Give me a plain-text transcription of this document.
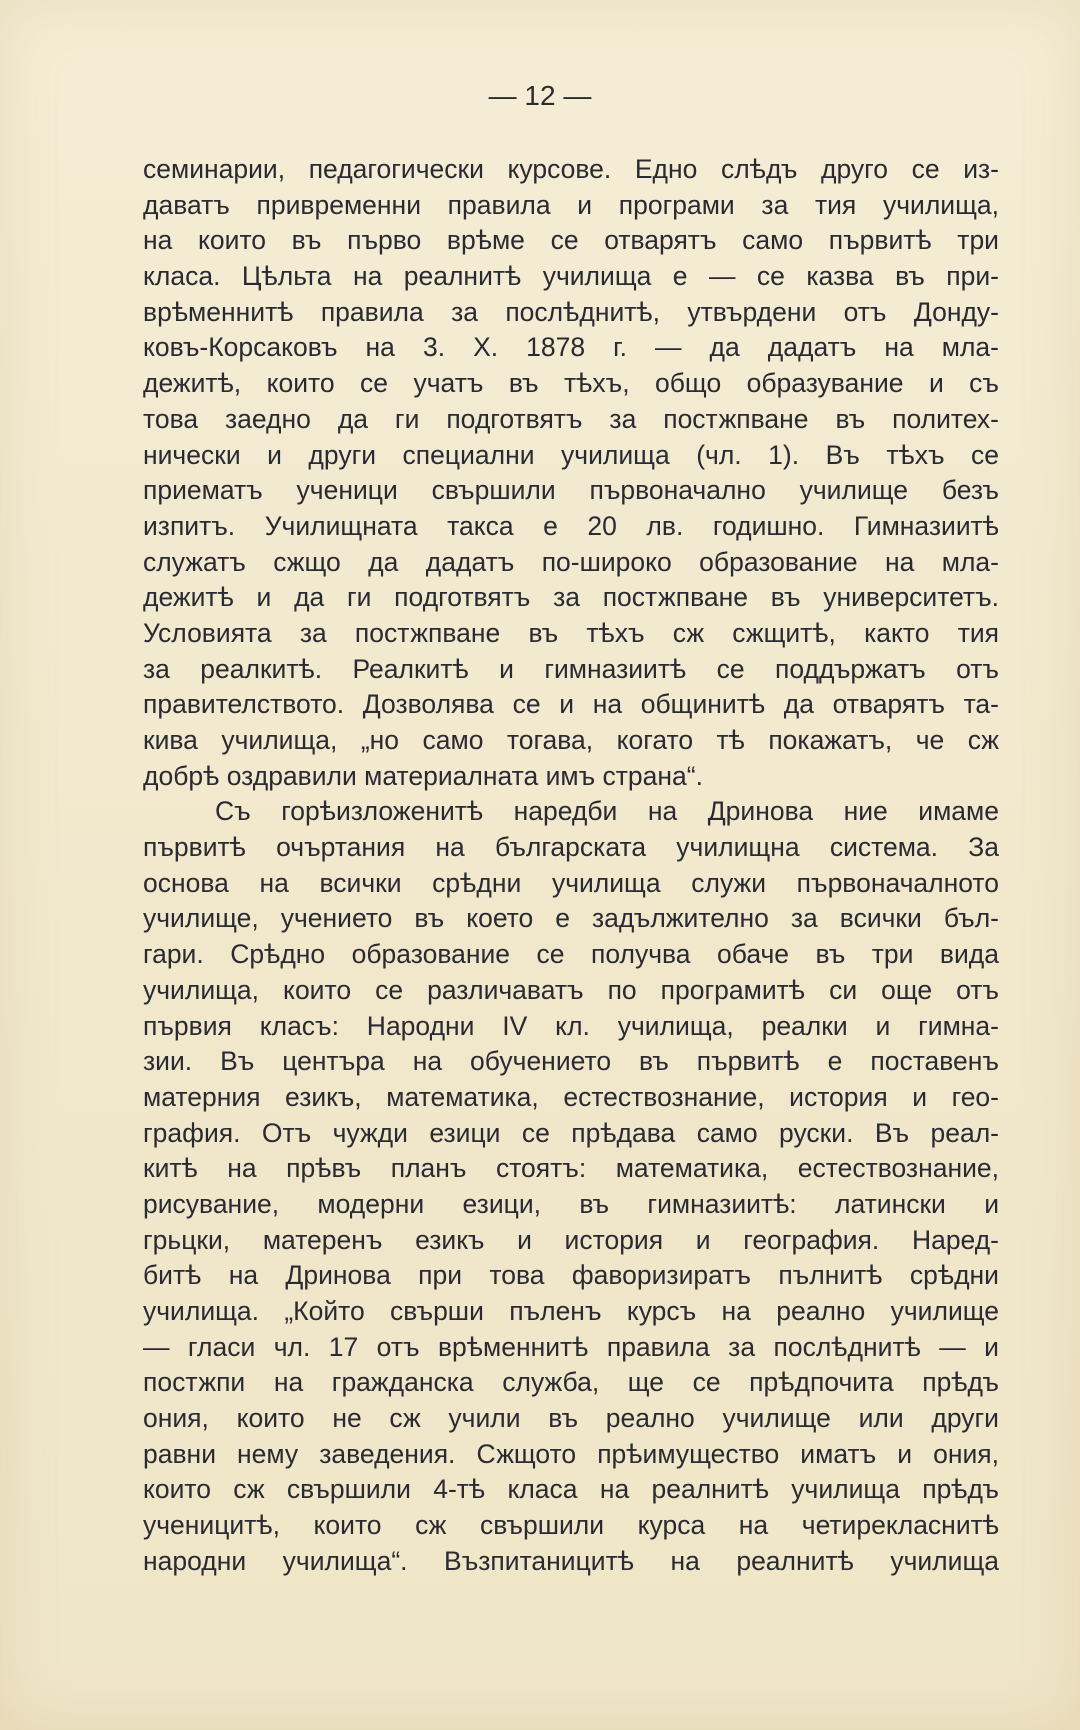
— 12 —
семинарии, педагогически курсове. Едно слѣдъ друго се из-
даватъ привременни правила и програми за тия училища,
на които въ първо врѣме се отварятъ само първитѣ три
класа. Цѣльта на реалнитѣ училища е — се казва въ при-
врѣменнитѣ правила за послѣднитѣ, утвърдени отъ Дондy-
ковъ-Корсаковъ на 3. X. 1878 г. — да дадатъ на мла-
дежитѣ, които се учатъ въ тѣхъ, общо образувание и съ
това заедно да ги подготвятъ за постжпване въ политех-
нически и други специални училища (чл. 1). Въ тѣхъ се
приематъ ученици свършили първоначално училище безъ
изпитъ. Училищната такса е 20 лв. годишно. Гимназиитѣ
служатъ сжщо да дадатъ по-широко образование на мла-
дежитѣ и да ги подготвятъ за постжпване въ университетъ.
Условията за постжпване въ тѣхъ сж сжщитѣ, както тия
за реалкитѣ. Реалкитѣ и гимназиитѣ се поддържатъ отъ
правителството. Дозволява се и на общинитѣ да отварятъ та-
кива училища, „но само тогава, когато тѣ покажатъ, че сж
добрѣ оздравили материалната имъ страна“.
Съ горѣизложенитѣ наредби на Дринова ние имаме
първитѣ очъртания на българската училищна система. За
основа на всички срѣдни училища служи първоначалното
училище, учението въ което е задължително за всички бъл-
гари. Срѣдно образование се получва обаче въ три вида
училища, които се различаватъ по програмитѣ си още отъ
първия класъ: Народни IV кл. училища, реалки и гимна-
зии. Въ центъра на обучението въ първитѣ е поставенъ
матерния езикъ, математика, естествознание, история и гео-
графия. Отъ чужди езици се прѣдава само руски. Въ реал-
китѣ на прѣвъ планъ стоятъ: математика, естествознание,
рисувание, модерни езици, въ гимназиитѣ: латински и
грьцки, матеренъ езикъ и история и география. Наред-
битѣ на Дринова при това фаворизиратъ пълнитѣ срѣдни
училища. „Който свърши пъленъ курсъ на реално училище
— гласи чл. 17 отъ врѣменнитѣ правила за послѣднитѣ — и
постжпи на гражданска служба, ще се прѣдпочита прѣдъ
ония, които не сж учили въ реално училище или други
равни нему заведения. Сжщото прѣимущество иматъ и ония,
които сж свършили 4-тѣ класа на реалнитѣ училища прѣдъ
ученицитѣ, които сж свършили курса на четирекласнитѣ
народни училища“. Възпитаницитѣ на реалнитѣ училища
